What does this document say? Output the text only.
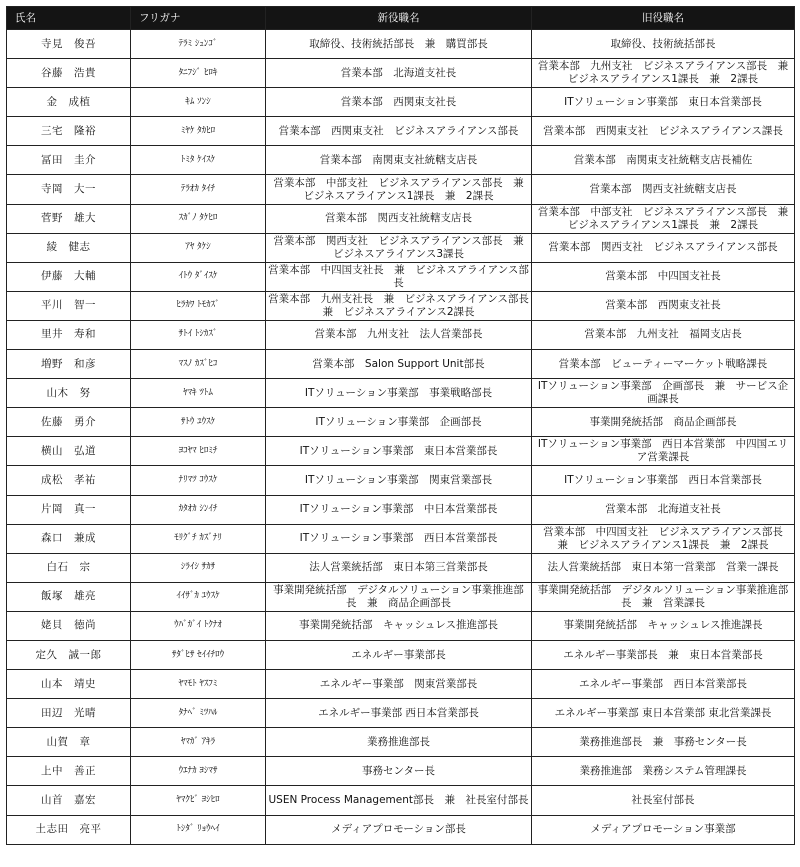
氏名	フリガナ	新役職名	旧役職名
寺見　俊吾	ﾃﾗﾐ ｼｭﾝｺﾞ	取締役、技術統括部長　兼　購買部長	取締役、技術統括部長
谷藤　浩貴	ﾀﾆﾌｼﾞ ﾋﾛｷ	営業本部　北海道支社長	営業本部　九州支社　ビジネスアライアンス部長　兼　ビジネスアライアンス1課長　兼　2課長
金　成植	ｷﾑ ｿﾝｼ	営業本部　西関東支社長	ITソリューション事業部　東日本営業部長
三宅　隆裕	ﾐﾔｹ ﾀｶﾋﾛ	営業本部　西関東支社　ビジネスアライアンス部長	営業本部　西関東支社　ビジネスアライアンス課長
冨田　圭介	ﾄﾐﾀ ｹｲｽｹ	営業本部　南関東支社統轄支店長	営業本部　南関東支社統轄支店長補佐
寺岡　大一	ﾃﾗｵｶ ﾀｲﾁ	営業本部　中部支社　ビジネスアライアンス部長　兼　ビジネスアライアンス1課長　兼　2課長	営業本部　関西支社統轄支店長
菅野　雄大	ｽｶﾞﾉ ﾀｹﾋﾛ	営業本部　関西支社統轄支店長	営業本部　中部支社　ビジネスアライアンス部長　兼　ビジネスアライアンス1課長　兼　2課長
綾　健志	ｱﾔ ﾀｹｼ	営業本部　関西支社　ビジネスアライアンス部長　兼　ビジネスアライアンス3課長	営業本部　関西支社　ビジネスアライアンス部長
伊藤　大輔	ｲﾄｳ ﾀﾞｲｽｹ	営業本部　中四国支社長　兼　ビジネスアライアンス部長	営業本部　中四国支社長
平川　智一	ﾋﾗｶﾜ ﾄﾓｶｽﾞ	営業本部　九州支社長　兼　ビジネスアライアンス部長　兼　ビジネスアライアンス2課長	営業本部　西関東支社長
里井　寿和	ｻﾄｲ ﾄｼｶｽﾞ	営業本部　九州支社　法人営業部長	営業本部　九州支社　福岡支店長
増野　和彦	ﾏｽﾉ ｶｽﾞﾋｺ	営業本部　Salon Support Unit部長	営業本部　ビューティーマーケット戦略課長
山木　努	ﾔﾏｷ ﾂﾄﾑ	ITソリューション事業部　事業戦略部長	ITソリューション事業部　企画部長　兼　サービス企画課長
佐藤　勇介	ｻﾄｳ ﾕｳｽｹ	ITソリューション事業部　企画部長	事業開発統括部　商品企画部長
横山　弘道	ﾖｺﾔﾏ ﾋﾛﾐﾁ	ITソリューション事業部　東日本営業部長	ITソリューション事業部　西日本営業部　中四国エリア営業課長
成松　孝祐	ﾅﾘﾏﾂ ｺｳｽｹ	ITソリューション事業部　関東営業部長	ITソリューション事業部　西日本営業部長
片岡　真一	ｶﾀｵｶ ｼﾝｲﾁ	ITソリューション事業部　中日本営業部長	営業本部　北海道支社長
森口　兼成	ﾓﾘｸﾞﾁ ｶｽﾞﾅﾘ	ITソリューション事業部　西日本営業部長	営業本部　中四国支社　ビジネスアライアンス部長　兼　ビジネスアライアンス1課長　兼　2課長
白石　宗	ｼﾗｲｼ ｻｶｻ	法人営業統括部　東日本第三営業部長	法人営業統括部　東日本第一営業部　営業一課長
飯塚　雄亮	ｲｲｻﾞｶ ﾕｳｽｹ	事業開発統括部　デジタルソリューション事業推進部長　兼　商品企画部長	事業開発統括部　デジタルソリューション事業推進部長　兼　営業課長
姥貝　徳尚	ｳﾊﾞｶﾞｲ ﾄｸﾅｵ	事業開発統括部　キャッシュレス推進部長	事業開発統括部　キャッシュレス推進課長
定久　誠一郎	ｻﾀﾞﾋｻ ｾｲｲﾁﾛｳ	エネルギー事業部長	エネルギー事業部長　兼　東日本営業部長
山本　靖史	ﾔﾏﾓﾄ ﾔｽﾌﾐ	エネルギー事業部　関東営業部長	エネルギー事業部　西日本営業部長
田辺　光晴	ﾀﾅﾍﾞ ﾐﾂﾊﾙ	エネルギー事業部 西日本営業部長	エネルギー事業部 東日本営業部 東北営業課長
山賀　章	ﾔﾏｶﾞ ｱｷﾗ	業務推進部長	業務推進部長　兼　事務センター長
上中　善正	ｳｴﾅｶ ﾖｼﾏｻ	事務センター長	業務推進部　業務システム管理課長
山首　嘉宏	ﾔﾏｸﾋﾞ ﾖｼﾋﾛ	USEN Process Management部長　兼　社長室付部長	社長室付部長
土志田　亮平	ﾄｼﾀﾞ ﾘｮｳﾍｲ	メディアプロモーション部長	メディアプロモーション事業部
